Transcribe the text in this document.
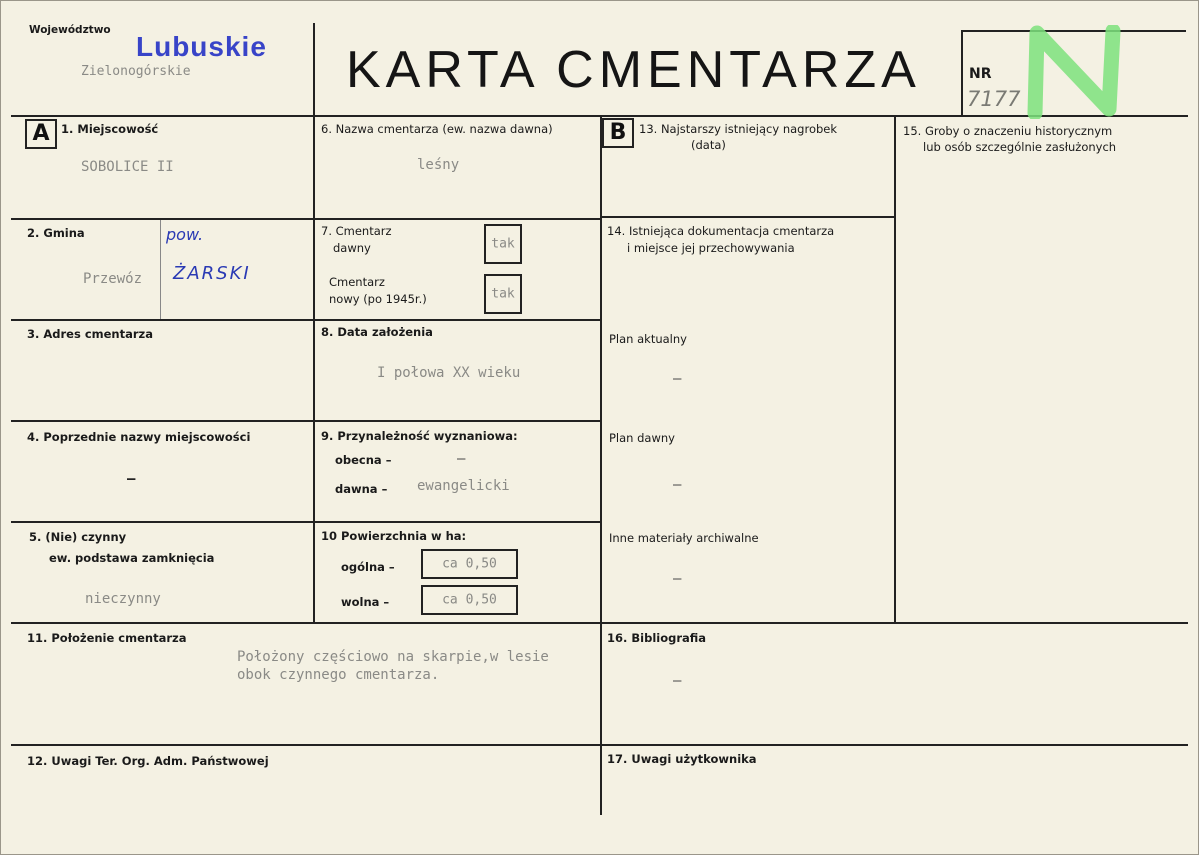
Województwo
Lubuskie
Zielonogórskie	KARTA CMENTARZA	NR
7177
A	B
1. Miejscowość
SOBOLICE II
6. Nazwa cmentarza (ew. nazwa dawna)
leśny
13. Najstarszy istniejący nagrobek
(data)
15. Groby o znaczeniu historycznym
lub osób szczególnie zasłużonych
2. Gmina
Przewóz
pow.
ŻARSKI
7. Cmentarz
dawny	tak
Cmentarz
nowy (po 1945r.)	tak
14. Istniejąca dokumentacja cmentarza
i miejsce jej przechowywania
Plan aktualny
–
Plan dawny
–
Inne materiały archiwalne
–
3. Adres cmentarza	8. Data założenia
I połowa XX wieku
4. Poprzednie nazwy miejscowości
–
9. Przynależność wyznaniowa:
obecna –	–
dawna – ewangelicki
5. (Nie) czynny
ew. podstawa zamknięcia
nieczynny
10 Powierzchnia w ha:
ogólna –	ca 0,50
wolna –	ca 0,50
11. Położenie cmentarza
Położony częściowo na skarpie,w lesie
obok czynnego cmentarza.
16. Bibliografia
–
12. Uwagi Ter. Org. Adm. Państwowej	17. Uwagi użytkownika
